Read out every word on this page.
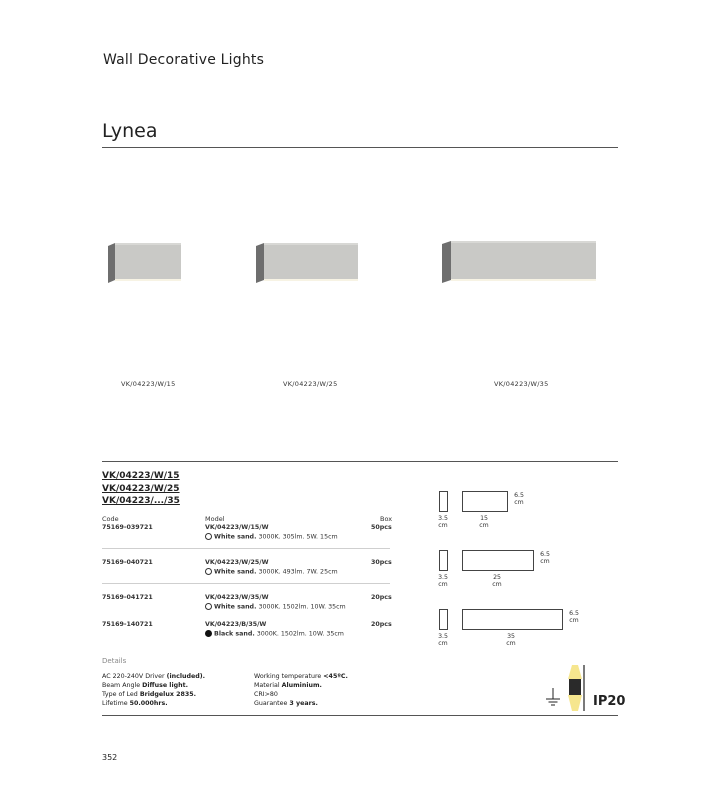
Wall Decorative Lights
Lynea
VK/04223/W/15	VK/04223/W/25	VK/04223/W/35
VK/04223/W/15
VK/04223/W/25
VK/04223/.../35
Code	Model	Box
75169-039721	VK/04223/W/15/W	50pcs
White sand. 3000K. 305lm. 5W. 15cm
75169-040721	VK/04223/W/25/W	30pcs
White sand. 3000K. 493lm. 7W. 25cm
75169-041721	VK/04223/W/35/W	20pcs
White sand. 3000K. 1502lm. 10W. 35cm
75169-140721	VK/04223/B/35/W	20pcs
Black sand. 3000K. 1502lm. 10W. 35cm
3.5
cm
15
cm
6.5
cm
3.5
cm
25
cm
6.5
cm
3.5
cm
35
cm
6.5
cm
Details
AC 220-240V Driver (included).
Beam Angle Diffuse light.
Type of Led Bridgelux 2835.
Lifetime 50.000hrs.
Working temperature <45ºC.
Material Aluminium.
CRI>80
Guarantee 3 years.	IP20
352
